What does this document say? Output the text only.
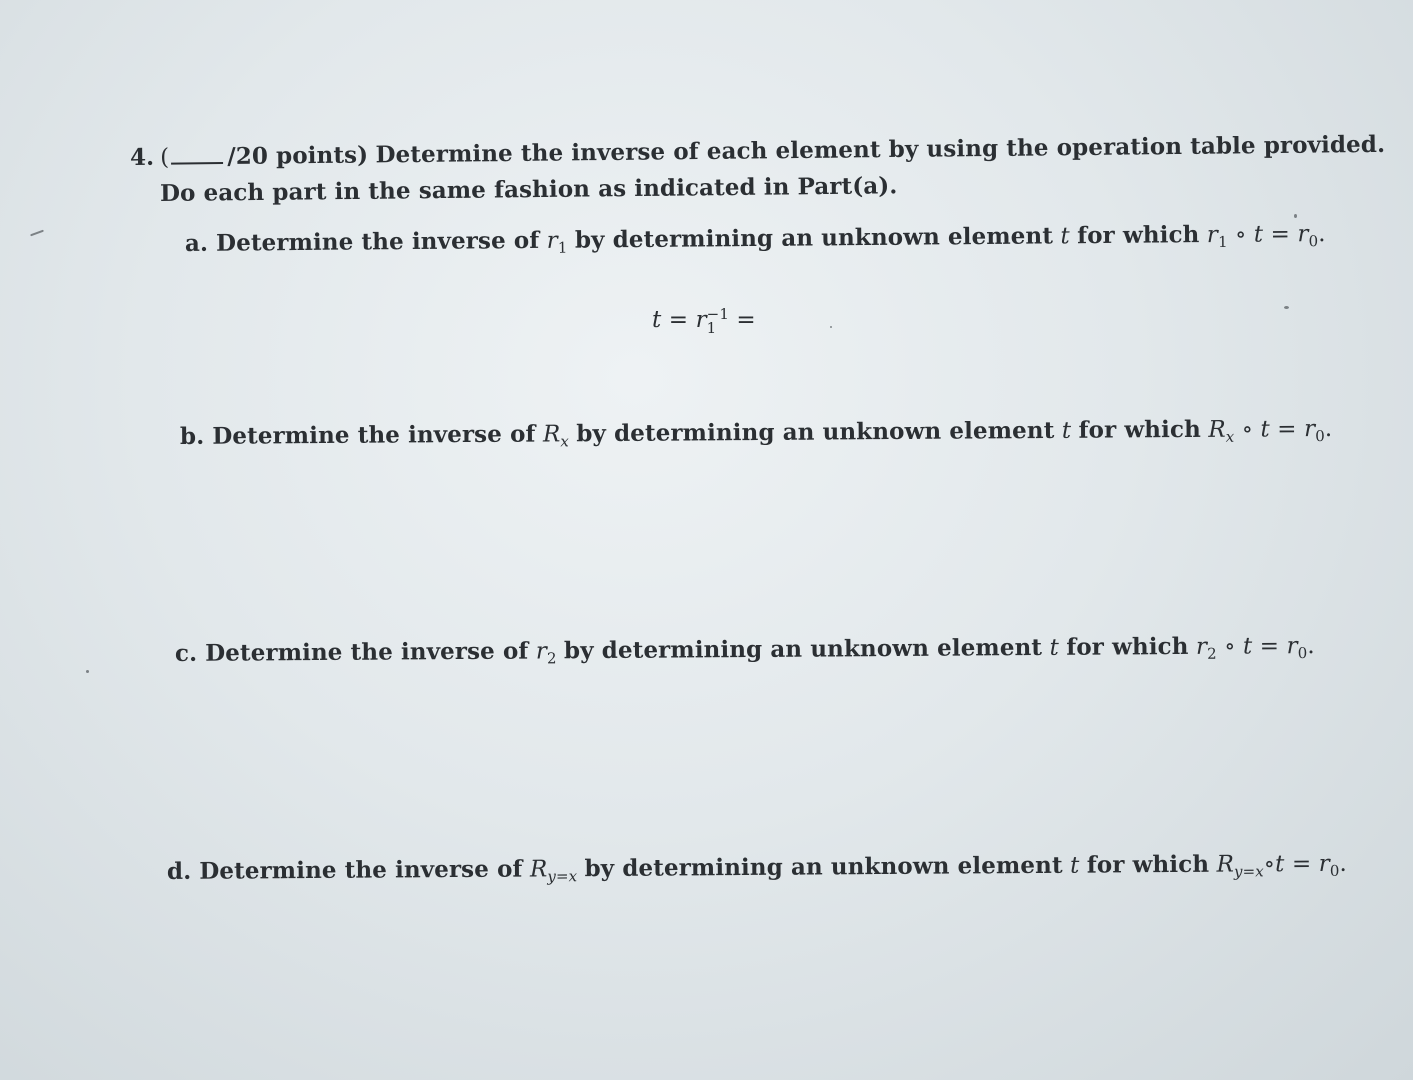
4. (	/20 points) Determine the inverse of each element by using the operation table provided.
Do each part in the same fashion as indicated in Part(a).
a. Determine the inverse of $r_1$ by determining an unknown element t for which $r_1$ ∘ $t = r_0$.
t = r −1
1 =
b. Determine the inverse of $R_x$ by determining an unknown element t for which $R_x$ ∘ $t = r_0$.
c. Determine the inverse of $r_2$ by determining an unknown element t for which $r_2$ ∘ $t = r_0$.
d. Determine the inverse of $R_{y=x}$ by determining an unknown element t for which $R_{y=x}\circ t = r_0$.
